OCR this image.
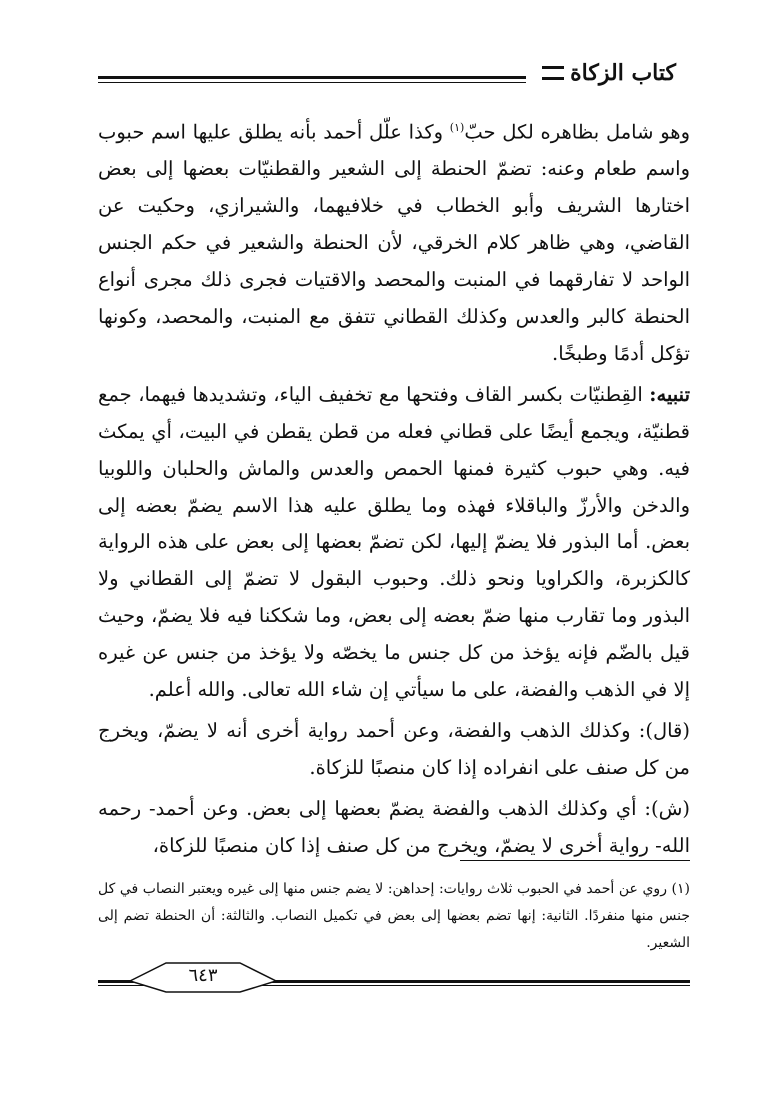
كتاب الزكاة

وهو شامل بظاهره لكل حبّ$^{(١)}$ وكذا علّل أحمد بأنه يطلق عليها اسم حبوب واسم طعام وعنه: تضمّ الحنطة إلى الشعير والقطنيّات بعضها إلى بعض اختارها الشريف وأبو الخطاب في خلافيهما، والشيرازي، وحكيت عن القاضي، وهي ظاهر كلام الخرقي، لأن الحنطة والشعير في حكم الجنس الواحد لا تفارقهما في المنبت والمحصد والاقتيات فجرى ذلك مجرى أنواع الحنطة كالبر والعدس وكذلك القطاني تتفق مع المنبت، والمحصد، وكونها تؤكل أدمًا وطبخًا.

تنبيه: القِطنيّات بكسر القاف وفتحها مع تخفيف الياء، وتشديدها فيهما، جمع قطنيّة، ويجمع أيضًا على قطاني فعله من قطن يقطن في البيت، أي يمكث فيه. وهي حبوب كثيرة فمنها الحمص والعدس والماش والحلبان واللوبيا والدخن والأرزّ والباقلاء فهذه وما يطلق عليه هذا الاسم يضمّ بعضه إلى بعض. أما البذور فلا يضمّ إليها، لكن تضمّ بعضها إلى بعض على هذه الرواية كالكزبرة، والكراويا ونحو ذلك. وحبوب البقول لا تضمّ إلى القطاني ولا البذور وما تقارب منها ضمّ بعضه إلى بعض، وما شككنا فيه فلا يضمّ، وحيث قيل بالضّم فإنه يؤخذ من كل جنس ما يخصّه ولا يؤخذ من جنس عن غيره إلا في الذهب والفضة، على ما سيأتي إن شاء الله تعالى. والله أعلم.

(قال): وكذلك الذهب والفضة، وعن أحمد رواية أخرى أنه لا يضمّ، ويخرج من كل صنف على انفراده إذا كان منصبًا للزكاة.

(ش): أي وكذلك الذهب والفضة يضمّ بعضها إلى بعض. وعن أحمد- رحمه الله- رواية أخرى لا يضمّ، ويخرج من كل صنف إذا كان منصبًا للزكاة،

(١) روي عن أحمد في الحبوب ثلاث روايات: إحداهن: لا يضم جنس منها إلى غيره ويعتبر النصاب في كل جنس منها منفردًا. الثانية: إنها تضم بعضها إلى بعض في تكميل النصاب. والثالثة: أن الحنطة تضم إلى الشعير.
٦٤٣
